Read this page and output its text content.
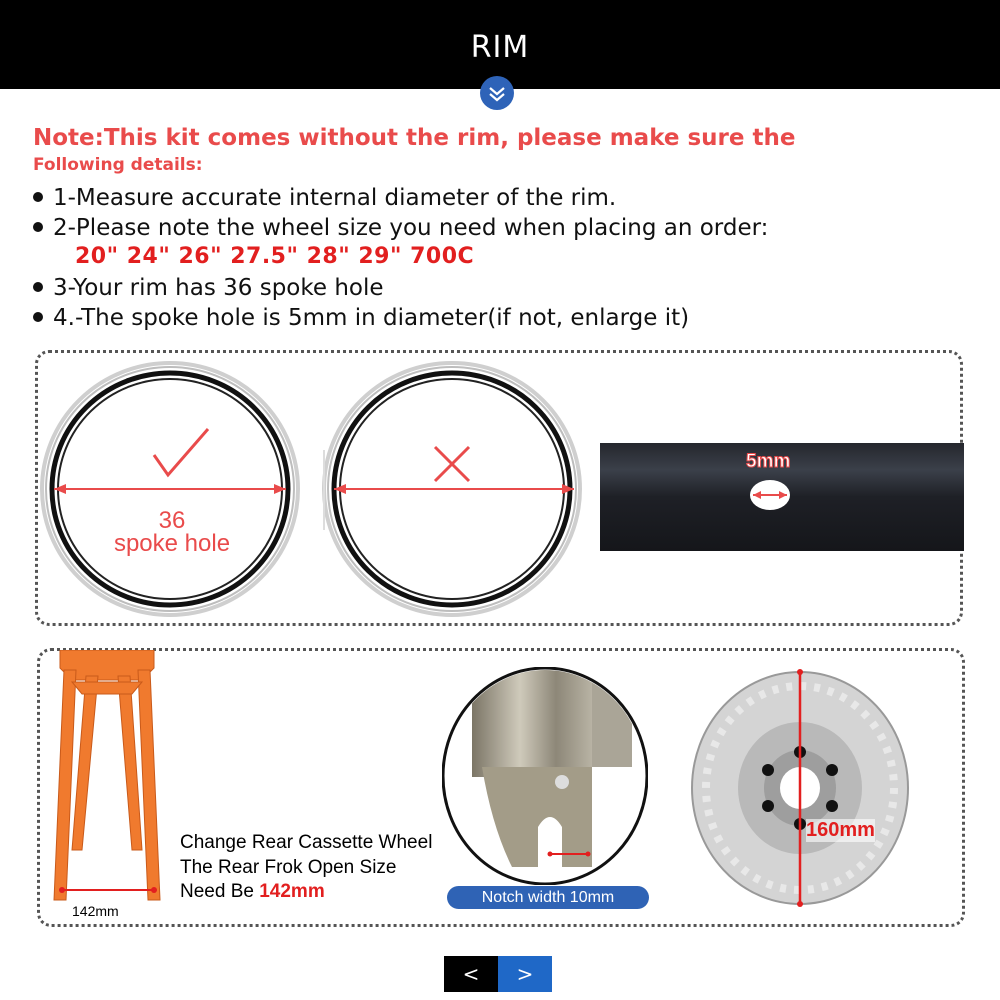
RIM
Note:This kit comes without the rim, please make sure the
Following details:
1-Measure accurate internal diameter of the rim.
2-Please note the wheel size you need when placing an order:
20" 24" 26" 27.5" 28" 29" 700C
3-Your rim has 36 spoke hole
4.-The spoke hole is 5mm in diameter(if not, enlarge it)
36
spoke hole
5mm
142mm
Change Rear Cassette Wheel
The Rear Frok Open Size
Need Be 142mm	Notch width 10mm
160mm
<	>
